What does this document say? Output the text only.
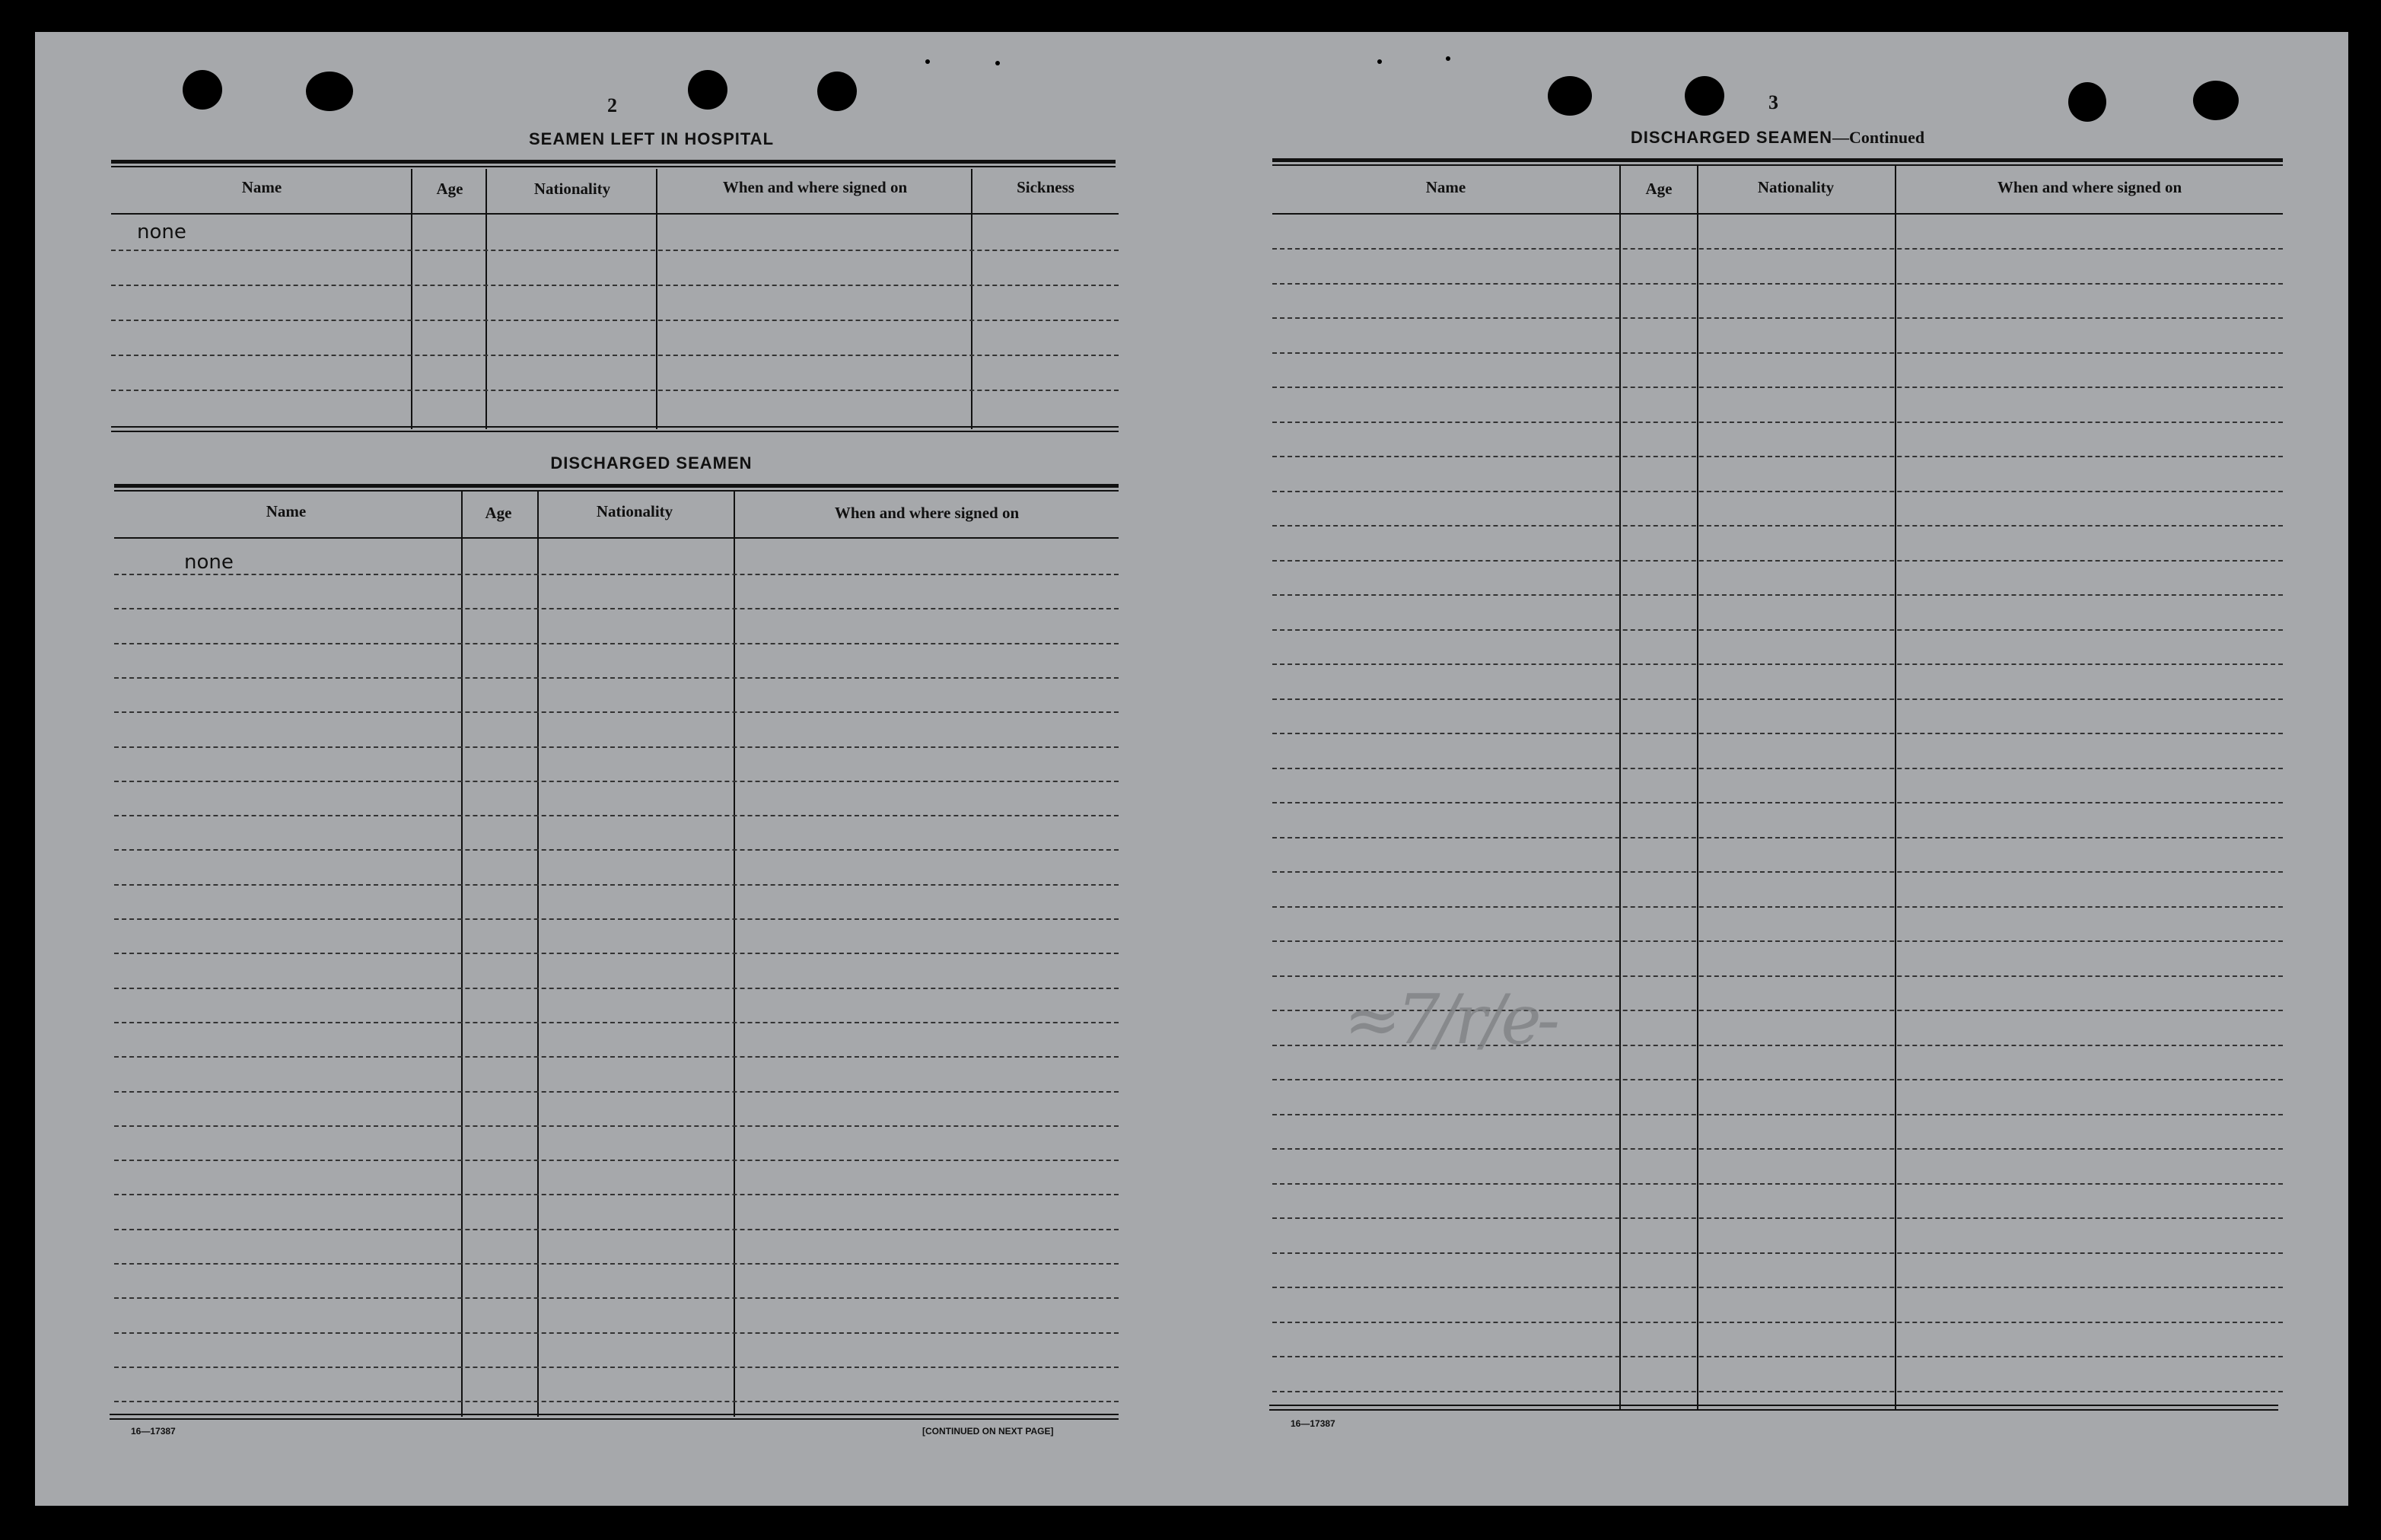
2
SEAMEN LEFT IN HOSPITAL
Name	Age	Nationality	When and where signed on	Sickness
none
DISCHARGED SEAMEN
Name	Age	Nationality	When and where signed on
none
16—17387	[CONTINUED ON NEXT PAGE]
3
DISCHARGED SEAMEN—Continued
Name	Age	Nationality	When and where signed on
≈7/r/e-
16—17387
